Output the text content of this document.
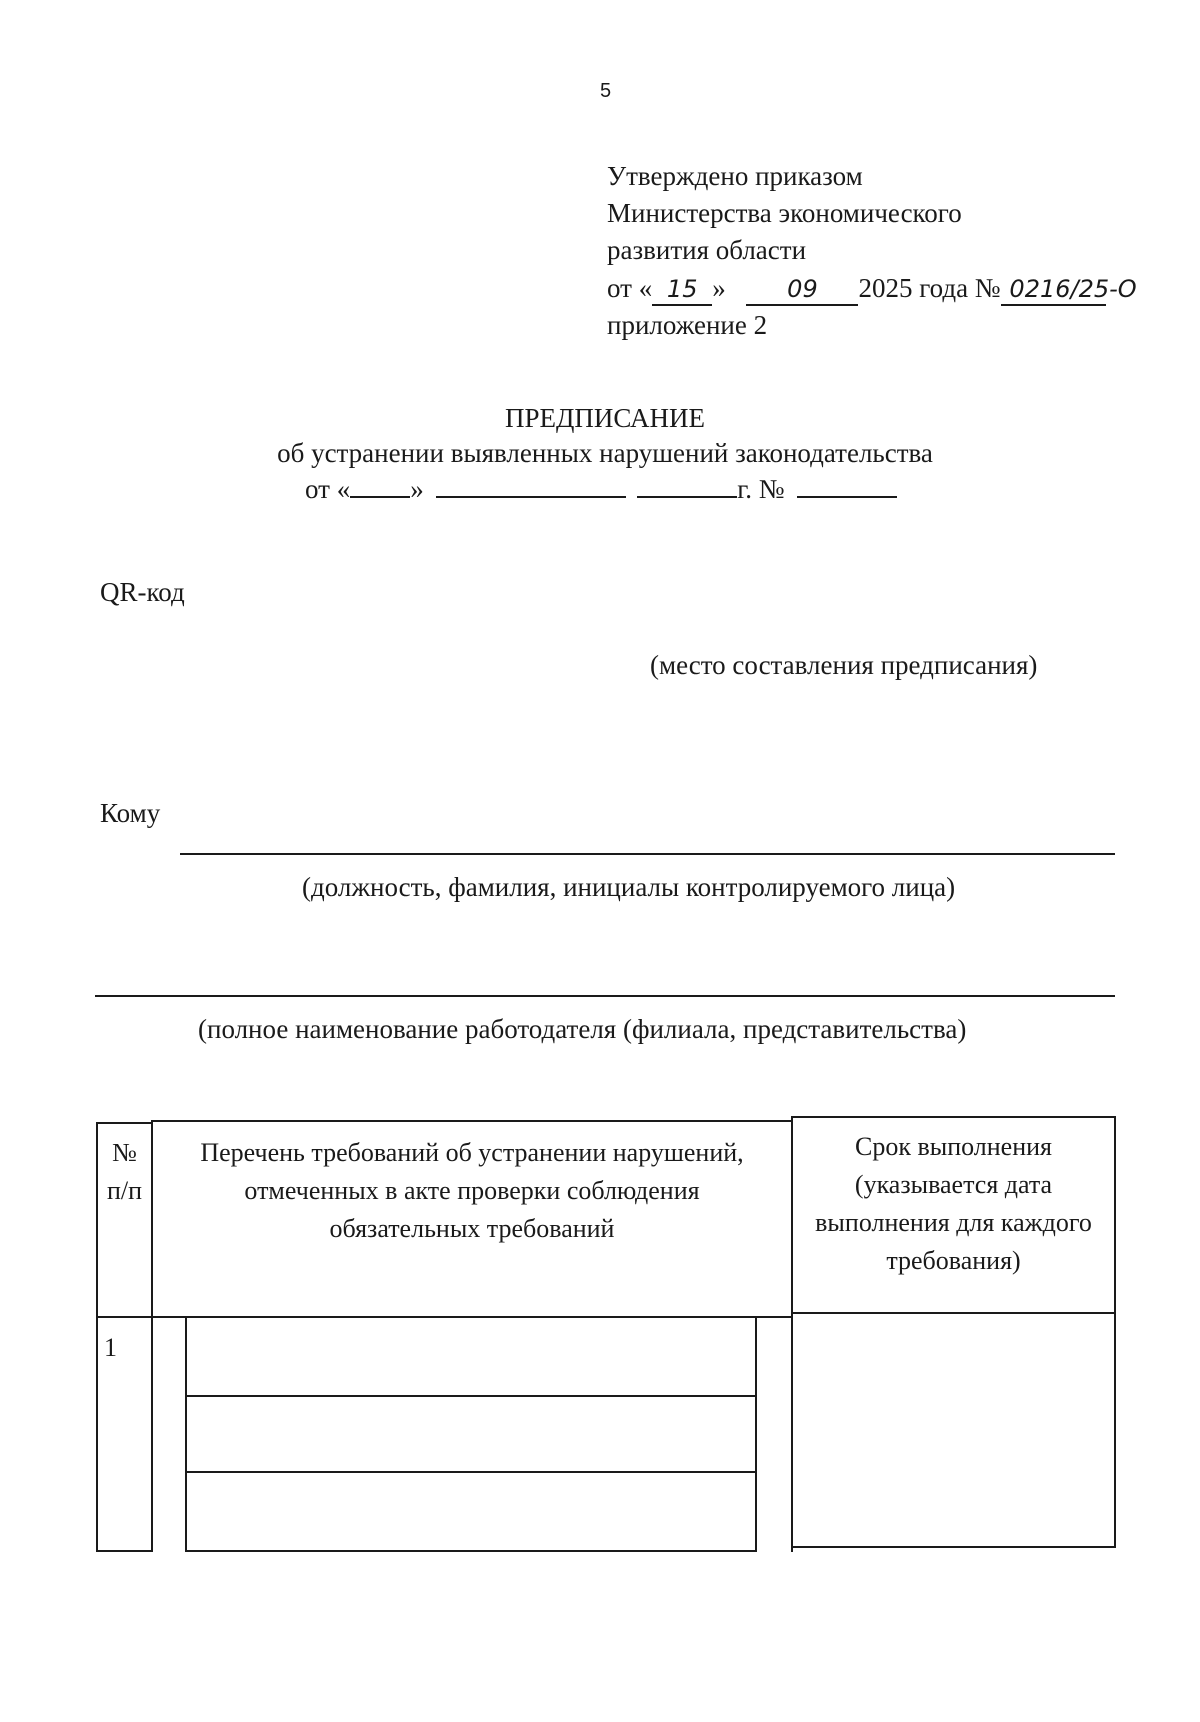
5
Утверждено приказом
Министерства экономического
развития области
от « 15 »	09 2025 года № 0216/25-О
приложение 2
ПРЕДПИСАНИЕ
об устранении выявленных нарушений законодательства
от « »	г. №
QR-код
(место составления предписания)
Кому
(должность, фамилия, инициалы контролируемого лица)
(полное наименование работодателя (филиала, представительства)
№
п/п
Перечень требований об устранении нарушений,
отмеченных в акте проверки соблюдения
обязательных требований
Срок выполнения
(указывается дата
выполнения для каждого
требования)
1
